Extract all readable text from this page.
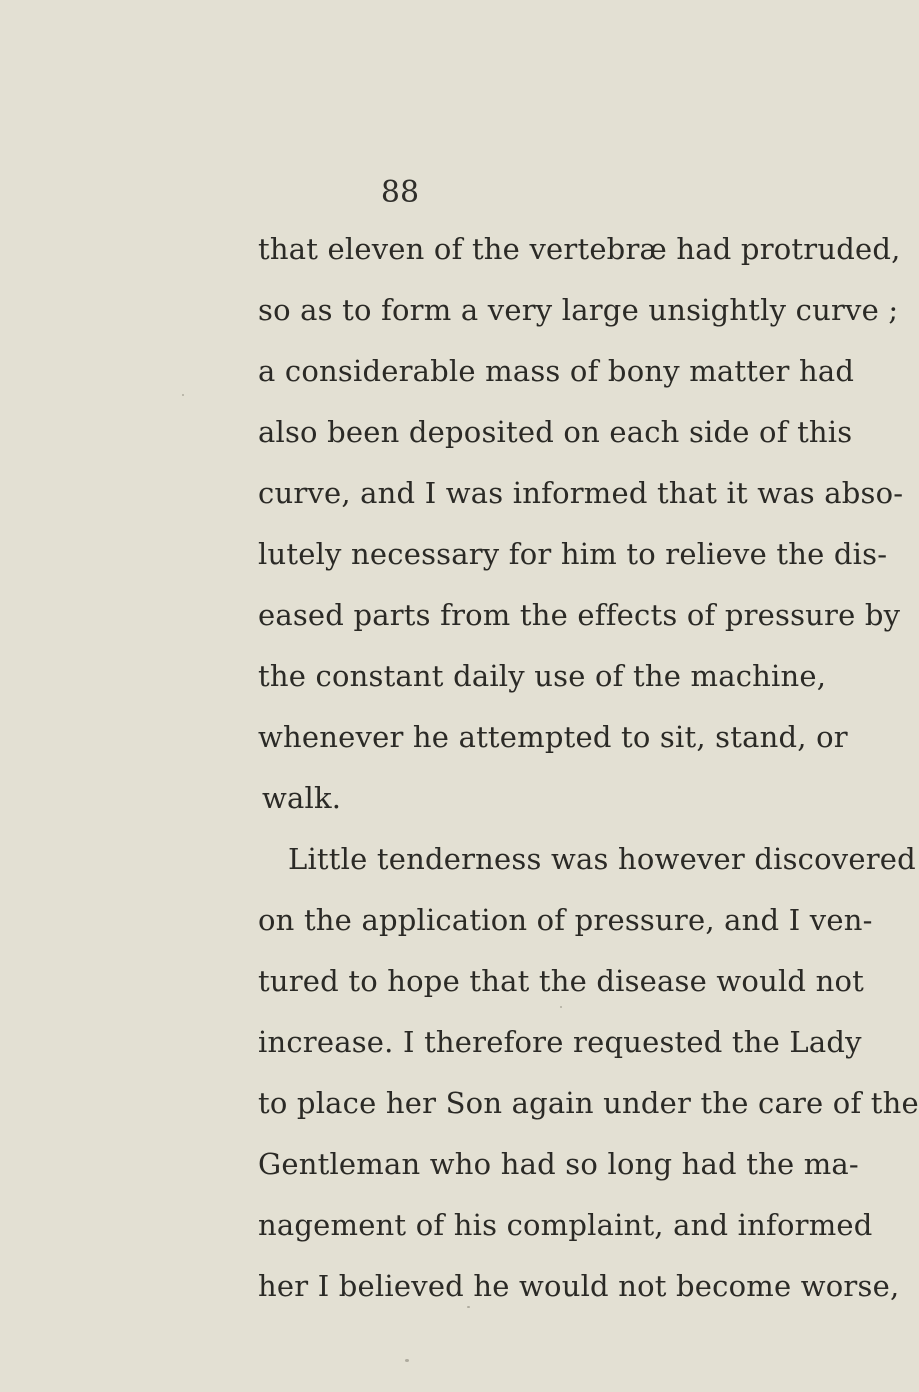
88
that eleven of the vertebræ had protruded,
so as to form a very large unsightly curve ;
a considerable mass of bony matter had
also been deposited on each side of this
curve, and I was informed that it was abso-
lutely necessary for him to relieve the dis-
eased parts from the effects of pressure by
the constant daily use of the machine,
whenever he attempted to sit, stand, or
walk.
Little tenderness was however discovered
on the application of pressure, and I ven-
tured to hope that the disease would not
increase. I therefore requested the Lady
to place her Son again under the care of the
Gentleman who had so long had the ma-
nagement of his complaint, and informed
her I believed he would not become worse,
